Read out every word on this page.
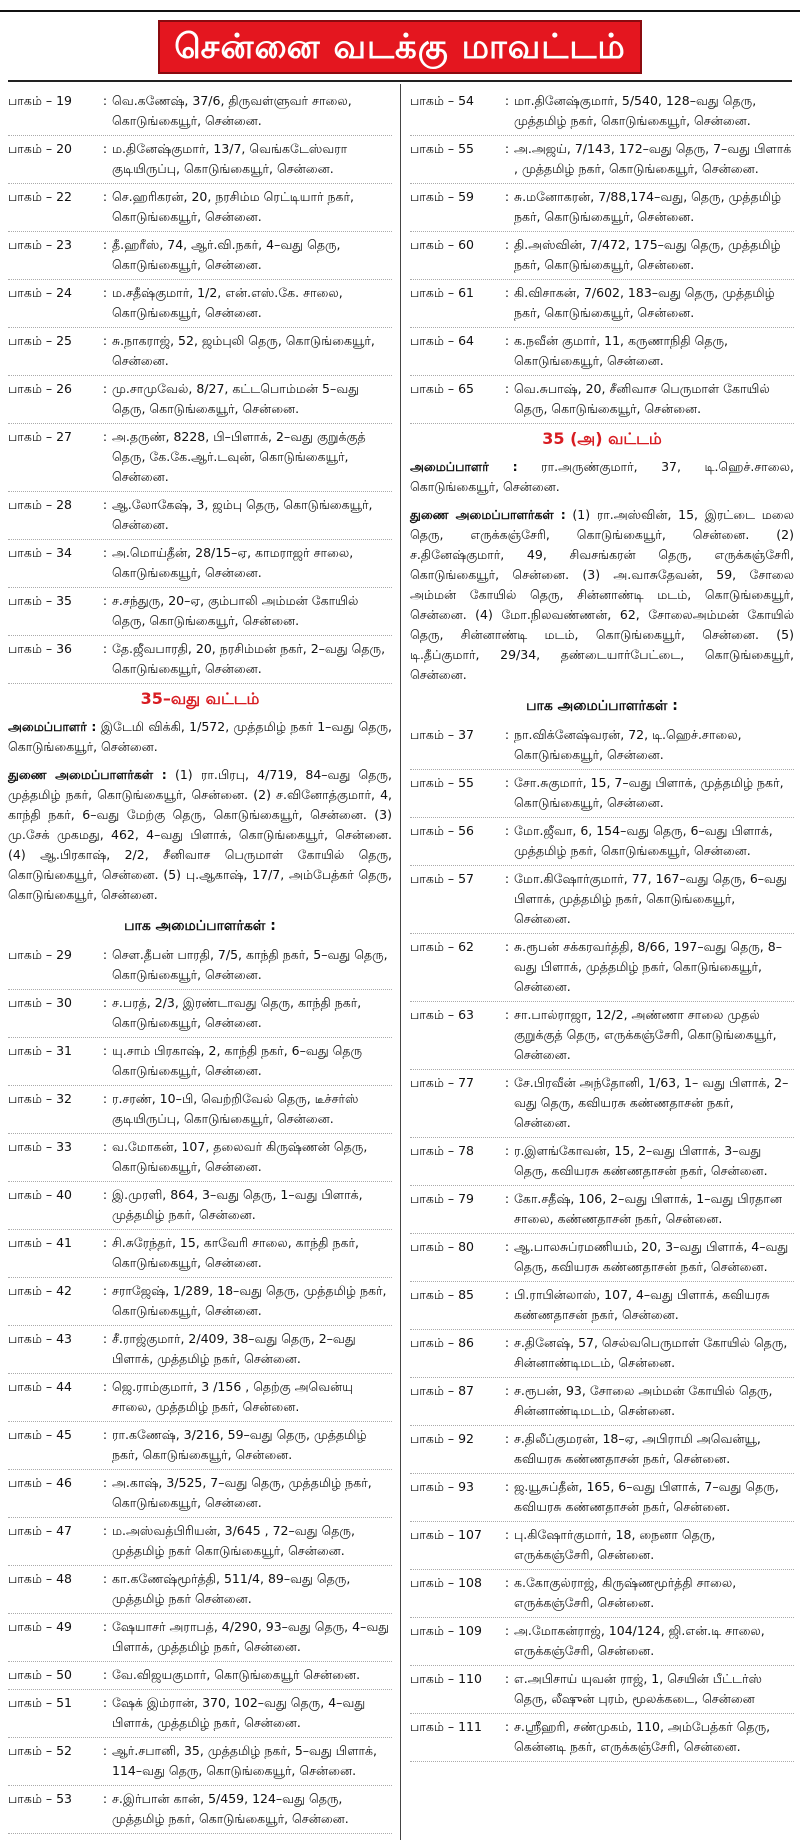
சென்னை வடக்கு மாவட்டம்
பாகம் – 19	: வெ.கணேஷ், 37/6, திருவள்ளுவர் சாலை, கொடுங்கையூர், சென்னை.
பாகம் – 20	: ம.தினேஷ்குமார், 13/7, வெங்கடேஸ்வரா குடியிருப்பு, கொடுங்கையூர், சென்னை.
பாகம் – 22	: செ.ஹரிகரன், 20, நரசிம்ம ரெட்டியார் நகர், கொடுங்கையூர், சென்னை.
பாகம் – 23	: தீ.ஹரீஸ், 74, ஆர்.வி.நகர், 4–வது தெரு, கொடுங்கையூர், சென்னை.
பாகம் – 24	: ம.சதீஷ்குமார், 1/2, என்.எஸ்.கே. சாலை, கொடுங்கையூர், சென்னை.
பாகம் – 25	: சு.நாகராஜ், 52, ஜம்புலி தெரு, கொடுங்கையூர், சென்னை.
பாகம் – 26	: மு.சாமுவேல், 8/27, கட்டபொம்மன் 5–வது தெரு, கொடுங்கையூர், சென்னை.
பாகம் – 27	: அ.தருண், 8228, பி–பிளாக், 2–வது குறுக்குத் தெரு, கே.கே.ஆர்.டவுன், கொடுங்கையூர், சென்னை.
பாகம் – 28	: ஆ.லோகேஷ், 3, ஜம்பு தெரு, கொடுங்கையூர், சென்னை.
பாகம் – 34	: அ.மொய்தீன், 28/15–ஏ, காமராஜர் சாலை, கொடுங்கையூர், சென்னை.
பாகம் – 35	: ச.சந்துரு, 20–ஏ, கும்பாலி அம்மன் கோயில் தெரு, கொடுங்கையூர், சென்னை.
பாகம் – 36	: தே.ஜீவபாரதி, 20, நரசிம்மன் நகர், 2–வது தெரு, கொடுங்கையூர், சென்னை.
35–வது வட்டம்
அமைப்பாளர் : இடேமி விக்கி, 1/572, முத்தமிழ் நகர் 1–வது தெரு, கொடுங்கையூர், சென்னை.
துணை அமைப்பாளர்கள் : (1) ரா.பிரபு, 4/719, 84–வது தெரு, முத்தமிழ் நகர், கொடுங்கையூர், சென்னை. (2) ச.வினோத்குமார், 4, காந்தி நகர், 6–வது மேற்கு தெரு, கொடுங்கையூர், சென்னை. (3) மு.சேக் முகமது, 462, 4–வது பிளாக், கொடுங்கையூர், சென்னை. (4) ஆ.பிரகாஷ், 2/2, சீனிவாச பெருமாள் கோயில் தெரு, கொடுங்கையூர், சென்னை. (5) பு.ஆகாஷ், 17/7, அம்பேத்கர் தெரு, கொடுங்கையூர், சென்னை.
பாக அமைப்பாளர்கள் :
பாகம் – 29	: சௌ.தீபன் பாரதி, 7/5, காந்தி நகர், 5–வது தெரு, கொடுங்கையூர், சென்னை.
பாகம் – 30	: ச.பரத், 2/3, இரண்டாவது தெரு, காந்தி நகர், கொடுங்கையூர், சென்னை.
பாகம் – 31	: யு.சாம் பிரகாஷ், 2, காந்தி நகர், 6–வது தெரு கொடுங்கையூர், சென்னை.
பாகம் – 32	: ர.சரண், 10–பி, வெற்றிவேல் தெரு, டீச்சர்ஸ் குடியிருப்பு, கொடுங்கையூர், சென்னை.
பாகம் – 33	: வ.மோகன், 107, தலைவர் கிருஷ்ணன் தெரு, கொடுங்கையூர், சென்னை.
பாகம் – 40	: இ.முரளி, 864, 3–வது தெரு, 1–வது பிளாக், முத்தமிழ் நகர், சென்னை.
பாகம் – 41	: சி.சுரேந்தர், 15, காவேரி சாலை, காந்தி நகர், கொடுங்கையூர், சென்னை.
பாகம் – 42	: சராஜேஷ், 1/289, 18–வது தெரு, முத்தமிழ் நகர், கொடுங்கையூர், சென்னை.
பாகம் – 43	: சீ.ராஜ்குமார், 2/409, 38–வது தெரு, 2–வது பிளாக், முத்தமிழ் நகர், சென்னை.
பாகம் – 44	: ஜெ.ராம்குமார், 3 /156 , தெற்கு அவென்யு சாலை, முத்தமிழ் நகர், சென்னை.
பாகம் – 45	: ரா.கணேஷ், 3/216, 59–வது தெரு, முத்தமிழ் நகர், கொடுங்கையூர், சென்னை.
பாகம் – 46	: அ.காஷ், 3/525, 7–வது தெரு, முத்தமிழ் நகர், கொடுங்கையூர், சென்னை.
பாகம் – 47	: ம.அஸ்வத்பிரியன், 3/645 , 72–வது தெரு, முத்தமிழ் நகர் கொடுங்கையூர், சென்னை.
பாகம் – 48	: கா.கணேஷ்மூர்த்தி, 511/4, 89–வது தெரு, முத்தமிழ் நகர் சென்னை.
பாகம் – 49	: ஷேயாசர் அராபத், 4/290, 93–வது தெரு, 4–வது பிளாக், முத்தமிழ் நகர், சென்னை.
பாகம் – 50	: வே.விஜயகுமார், கொடுங்கையூர் சென்னை.
பாகம் – 51	: ஷேக் இம்ரான், 370, 102–வது தெரு, 4–வது பிளாக், முத்தமிழ் நகர், சென்னை.
பாகம் – 52	: ஆர்.சபானி, 35, முத்தமிழ் நகர், 5–வது பிளாக், 114–வது தெரு, கொடுங்கையூர், சென்னை.
பாகம் – 53	: ச.இர்பான் கான், 5/459, 124–வது தெரு, முத்தமிழ் நகர், கொடுங்கையூர், சென்னை.
பாகம் – 54	: மா.தினேஷ்குமார், 5/540, 128–வது தெரு, முத்தமிழ் நகர், கொடுங்கையூர், சென்னை.
பாகம் – 55	: அ.அஜய், 7/143, 172–வது தெரு, 7–வது பிளாக் , முத்தமிழ் நகர், கொடுங்கையூர், சென்னை.
பாகம் – 59	: சு.மனோகரன், 7/88,174–வது, தெரு, முத்தமிழ் நகர், கொடுங்கையூர், சென்னை.
பாகம் – 60	: தி.அஸ்வின், 7/472, 175–வது தெரு, முத்தமிழ் நகர், கொடுங்கையூர், சென்னை.
பாகம் – 61	: கி.விசாகன், 7/602, 183–வது தெரு, முத்தமிழ் நகர், கொடுங்கையூர், சென்னை.
பாகம் – 64	: க.நவீன் குமார், 11, கருணாநிதி தெரு, கொடுங்கையூர், சென்னை.
பாகம் – 65	: வெ.சுபாஷ், 20, சீனிவாச பெருமாள் கோயில் தெரு, கொடுங்கையூர், சென்னை.
35 (அ) வட்டம்
அமைப்பாளர் : ரா.அருண்குமார், 37, டி.ஹெச்.சாலை, கொடுங்கையூர், சென்னை.
துணை அமைப்பாளர்கள் : (1) ரா.அஸ்வின், 15, இரட்டை மலை தெரு, எருக்கஞ்சேரி, கொடுங்கையூர், சென்னை. (2) ச.தினேஷ்குமார், 49, சிவசங்கரன் தெரு, எருக்கஞ்சேரி, கொடுங்கையூர், சென்னை. (3) அ.வாசுதேவன், 59, சோலை அம்மன் கோயில் தெரு, சின்னாண்டி மடம், கொடுங்கையூர், சென்னை. (4) மோ.நிலவண்ணன், 62, சோலைஅம்மன் கோயில் தெரு, சின்னாண்டி மடம், கொடுங்கையூர், சென்னை. (5) டி.தீப்குமார், 29/34, தண்டையார்பேட்டை, கொடுங்கையூர், சென்னை.
பாக அமைப்பாளர்கள் :
பாகம் – 37	: நா.விக்னேஷ்வரன், 72, டி.ஹெச்.சாலை, கொடுங்கையூர், சென்னை.
பாகம் – 55	: சோ.சுகுமார், 15, 7–வது பிளாக், முத்தமிழ் நகர், கொடுங்கையூர், சென்னை.
பாகம் – 56	: மோ.ஜீவா, 6, 154–வது தெரு, 6–வது பிளாக், முத்தமிழ் நகர், கொடுங்கையூர், சென்னை.
பாகம் – 57	: மோ.கிஷோர்குமார், 77, 167–வது தெரு, 6–வது பிளாக், முத்தமிழ் நகர், கொடுங்கையூர், சென்னை.
பாகம் – 62	: சு.ரூபன் சக்கரவர்த்தி, 8/66, 197–வது தெரு, 8–வது பிளாக், முத்தமிழ் நகர், கொடுங்கையூர், சென்னை.
பாகம் – 63	: சா.பால்ராஜா, 12/2, அண்ணா சாலை முதல் குறுக்குத் தெரு, எருக்கஞ்சேரி, கொடுங்கையூர், சென்னை.
பாகம் – 77	: சே.பிரவீன் அந்தோனி, 1/63, 1– வது பிளாக், 2–வது தெரு, கவியரசு கண்ணதாசன் நகர், சென்னை.
பாகம் – 78	: ர.இளங்கோவன், 15, 2–வது பிளாக், 3–வது தெரு, கவியரசு கண்ணதாசன் நகர், சென்னை.
பாகம் – 79	: கோ.சதீஷ், 106, 2–வது பிளாக், 1–வது பிரதான சாலை, கண்ணதாசன் நகர், சென்னை.
பாகம் – 80	: ஆ.பாலசுப்ரமணியம், 20, 3–வது பிளாக், 4–வது தெரு, கவியரசு கண்ணதாசன் நகர், சென்னை.
பாகம் – 85	: பி.ராபின்லாஸ், 107, 4–வது பிளாக், கவியரசு கண்ணதாசன் நகர், சென்னை.
பாகம் – 86	: ச.தினேஷ், 57, செல்வபெருமாள் கோயில் தெரு, சின்னாண்டிமடம், சென்னை.
பாகம் – 87	: ச.ரூபன், 93, சோலை அம்மன் கோயில் தெரு, சின்னாண்டிமடம், சென்னை.
பாகம் – 92	: ச.திலீப்குமரன், 18–ஏ, அபிராமி அவென்யூ, கவியரசு கண்ணதாசன் நகர், சென்னை.
பாகம் – 93	: ஜ.யூசுப்தீன், 165, 6–வது பிளாக், 7–வது தெரு, கவியரசு கண்ணதாசன் நகர், சென்னை.
பாகம் – 107	: பு.கிஷோர்குமார், 18, நைனா தெரு, எருக்கஞ்சேரி, சென்னை.
பாகம் – 108	: க.கோகுல்ராஜ், கிருஷ்ணமூர்த்தி சாலை, எருக்கஞ்சேரி, சென்னை.
பாகம் – 109	: அ.மோகன்ராஜ், 104/124, ஜி.என்.டி சாலை, எருக்கஞ்சேரி, சென்னை.
பாகம் – 110	: எ.அபிசாய் யுவன் ராஜ், 1, செயின் பீட்டர்ஸ் தெரு, லீஷுன் புரம், மூலக்கடை, சென்னை
பாகம் – 111	: ச.ஸ்ரீஹரி, சண்முகம், 110, அம்பேத்கர் தெரு, கென்னடி நகர், எருக்கஞ்சேரி, சென்னை.
